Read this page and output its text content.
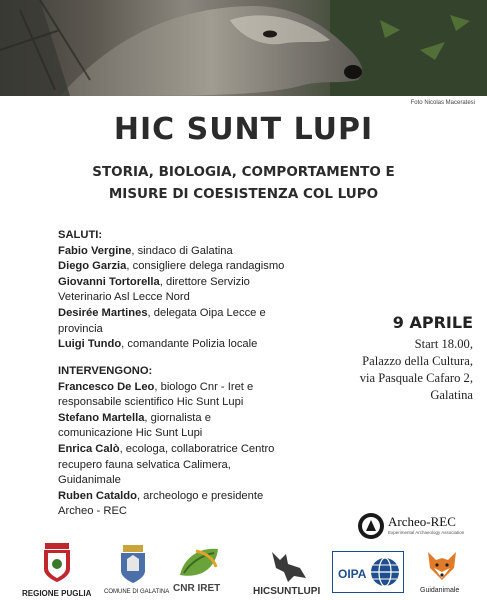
Foto Nicolas Maceratesi
HIC SUNT LUPI
STORIA, BIOLOGIA, COMPORTAMENTO E
MISURE DI COESISTENZA COL LUPO
SALUTI:
Fabio Vergine, sindaco di Galatina
Diego Garzia, consigliere delega randagismo
Giovanni Tortorella, direttore Servizio
Veterinario Asl Lecce Nord
Desirée Martines, delegata Oipa Lecce e
provincia
Luigi Tundo, comandante Polizia locale
INTERVENGONO:
Francesco De Leo, biologo Cnr - Iret e
responsabile scientifico Hic Sunt Lupi
Stefano Martella, giornalista e
comunicazione Hic Sunt Lupi
Enrica Calò, ecologa, collaboratrice Centro
recupero fauna selvatica Calimera,
Guidanimale
Ruben Cataldo, archeologo e presidente
Archeo - REC
9 APRILE
Start 18.00,
Palazzo della Cultura,
via Pasquale Cafaro 2,
Galatina
Archeo-REC
Experimental Archaeology Association
REGIONE PUGLIA COMUNE DI GALATINA CNR IRET	HICSUNTLUPI
OIPA
Guidanimale
